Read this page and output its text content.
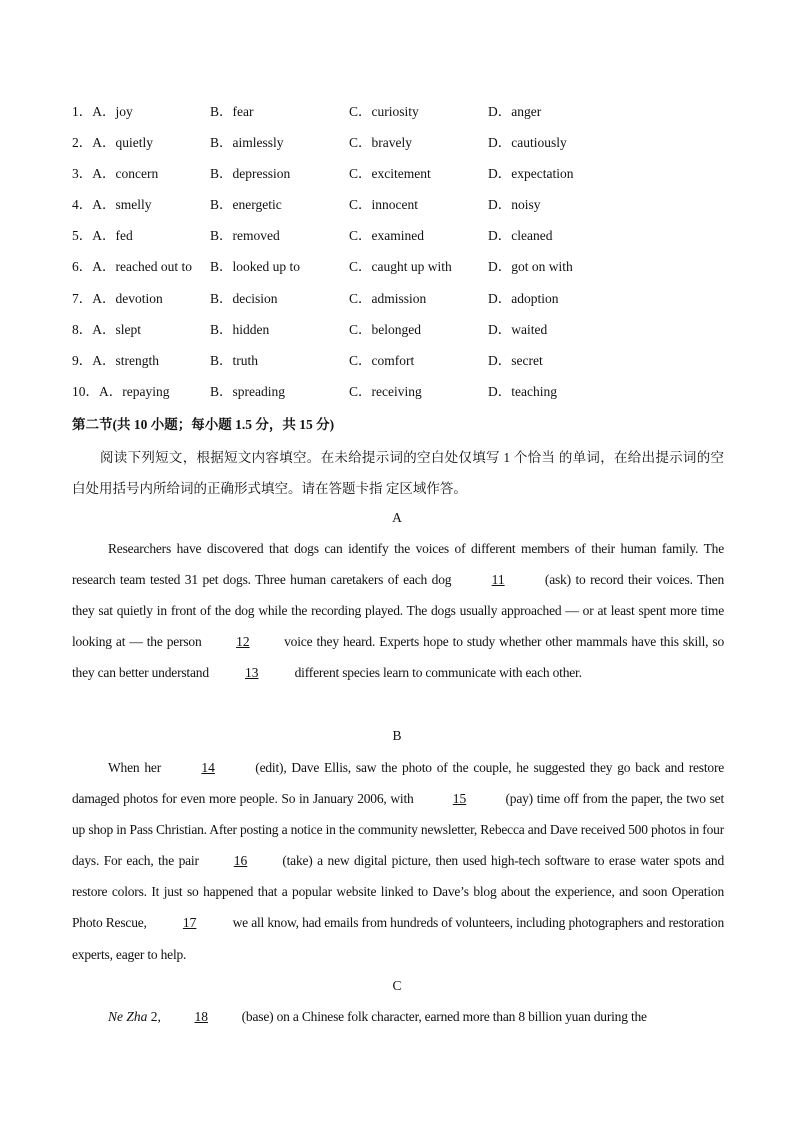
1．A．joy	B．fear	C．curiosity	D．anger
2．A．quietly	B．aimlessly	C．bravely	D．cautiously
3．A．concern	B．depression	C．excitement	D．expectation
4．A．smelly	B．energetic	C．innocent	D．noisy
5．A．fed	B．removed	C．examined	D．cleaned
6．A．reached out to B．looked up to	C．caught up with	D．got on with
7．A．devotion	B．decision	C．admission	D．adoption
8．A．slept	B．hidden	C．belonged	D．waited
9．A．strength	B．truth	C．comfort	D．secret
10．A．repaying	B．spreading	C．receiving	D．teaching
第二节(共 10 小题；每小题 1.5 分，共 15 分)
阅读下列短文，根据短文内容填空。在未给提示词的空白处仅填写 1 个恰当 的单词，在给出提示词的空白处用括号内所给词的正确形式填空。请在答题卡指 定区域作答。
A

Researchers have discovered that dogs can identify the voices of different members of their human family. The research team tested 31 pet dogs. Three human caretakers of each dog	11	(ask) to record their voices. Then they sat quietly in front of the dog while the recording played. The dogs usually approached — or at least spent more time looking at — the person	12	voice they heard. Experts hope to study whether other mammals have this skill, so they can better understand	13	different species learn to communicate with each other.

B

When her	14	(edit), Dave Ellis, saw the photo of the couple, he suggested they go back and restore damaged photos for even more people. So in January 2006, with	15	(pay) time off from the paper, the two set up shop in Pass Christian. After posting a notice in the community newsletter, Rebecca and Dave received 500 photos in four days. For each, the pair	16	(take) a new digital picture, then used high-tech software to erase water spots and restore colors. It just so happened that a popular website linked to Dave’s blog about the experience, and soon Operation Photo Rescue,	17	we all know, had emails from hundreds of volunteers, including photographers and restoration experts, eager to help.

C

Ne Zha 2, 18 (base) on a Chinese folk character, earned more than 8 billion yuan during the
